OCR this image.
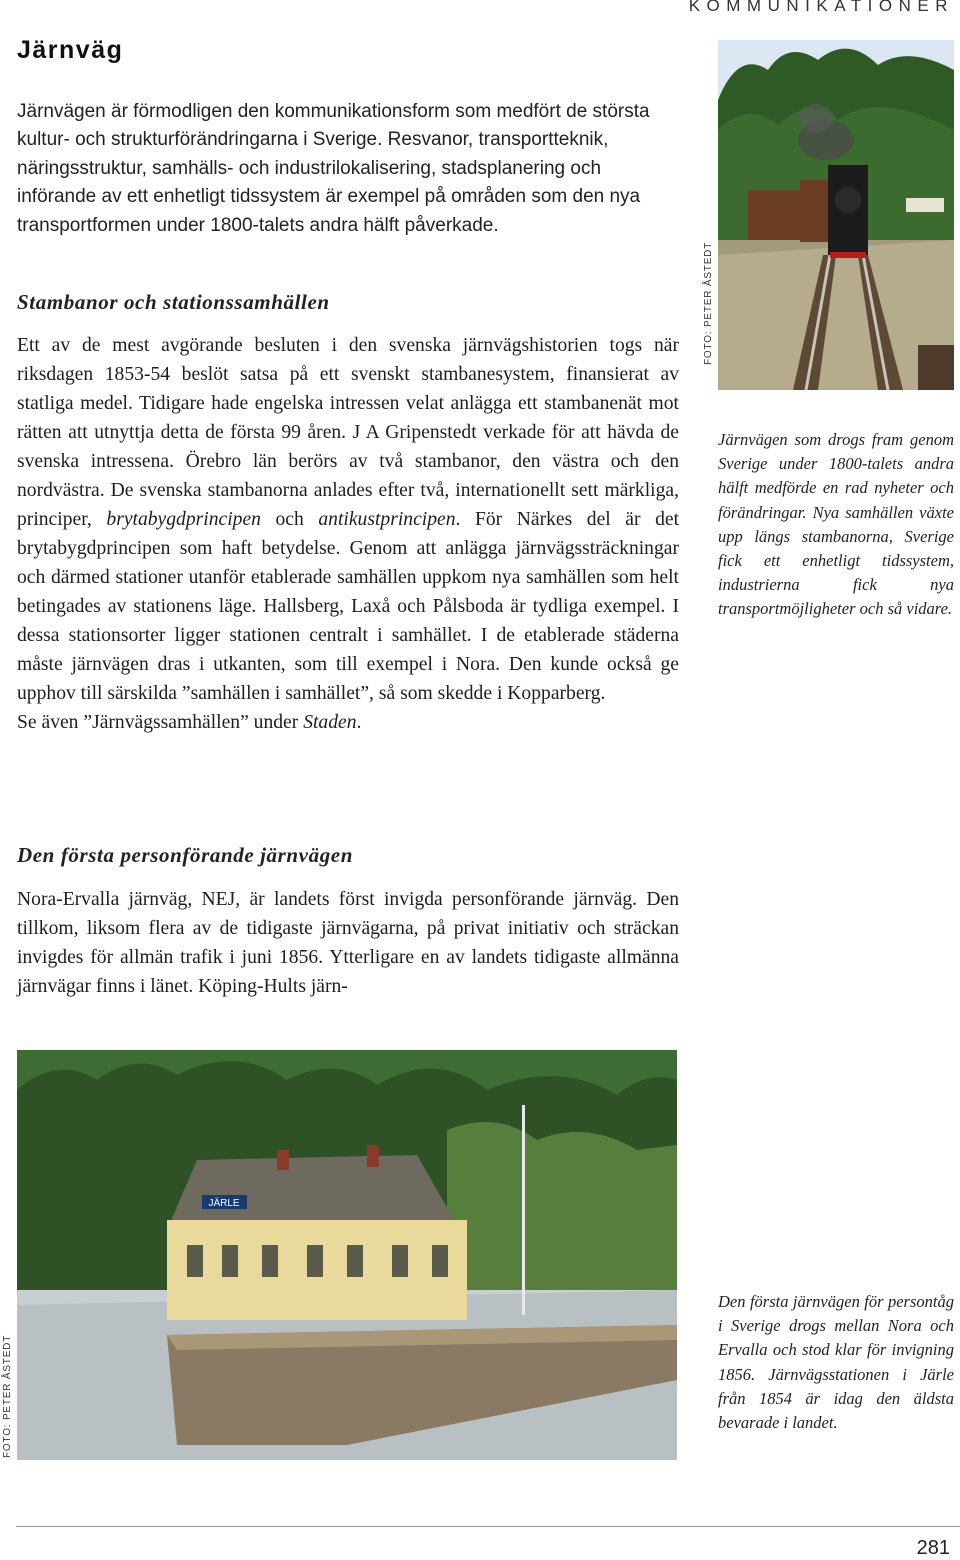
KOMMUNIKATIONER
Järnväg

Järnvägen är förmodligen den kommunikationsform som medfört de största kultur- och strukturförändringarna i Sverige. Resvanor, transportteknik, näringsstruktur, samhälls- och industrilokalisering, stadsplanering och införande av ett enhetligt tidssystem är exempel på områden som den nya transportformen under 1800-talets andra hälft påverkade.

Stambanor och stationssamhällen

Ett av de mest avgörande besluten i den svenska järnvägshistorien togs när riksdagen 1853-54 beslöt satsa på ett svenskt stambanesystem, finansierat av statliga medel. Tidigare hade engelska intressen velat anlägga ett stambanenät mot rätten att utnyttja detta de första 99 åren. J A Gripenstedt verkade för att hävda de svenska intressena. Örebro län berörs av två stambanor, den västra och den nordvästra. De svenska stambanorna anlades efter två, internationellt sett märkliga, principer, brytabygdprincipen och antikustprincipen. För Närkes del är det brytabygdprincipen som haft betydelse. Genom att anlägga järnvägssträckningar och därmed stationer utanför etablerade samhällen uppkom nya samhällen som helt betingades av stationens läge. Hallsberg, Laxå och Pålsboda är tydliga exempel. I dessa stationsorter ligger stationen centralt i samhället. I de etablerade städerna måste järnvägen dras i utkanten, som till exempel i Nora. Den kunde också ge upphov till särskilda ”samhällen i samhället”, så som skedde i Kopparberg.
Se även ”Järnvägssamhällen” under Staden.

Den första personförande järnvägen

Nora-Ervalla järnväg, NEJ, är landets först invigda personförande järnväg. Den tillkom, liksom flera av de tidigaste järnvägarna, på privat initiativ och sträckan invigdes för allmän trafik i juni 1856. Ytterligare en av landets tidigaste allmänna järnvägar finns i länet. Köping-Hults järn-

FOTO: PETER ÅSTEDT

Järnvägen som drogs fram genom Sverige under 1800-talets andra hälft medförde en rad nyheter och förändringar. Nya samhällen växte upp längs stambanorna, Sverige fick ett enhetligt tidssystem, industrierna fick nya transportmöjligheter och så vidare.

JÄRLE
FOTO: PETER ÅSTEDT

Den första järnvägen för persontåg i Sverige drogs mellan Nora och Ervalla och stod klar för invigning 1856. Järnvägsstationen i Järle från 1854 är idag den äldsta bevarade i landet.

281
